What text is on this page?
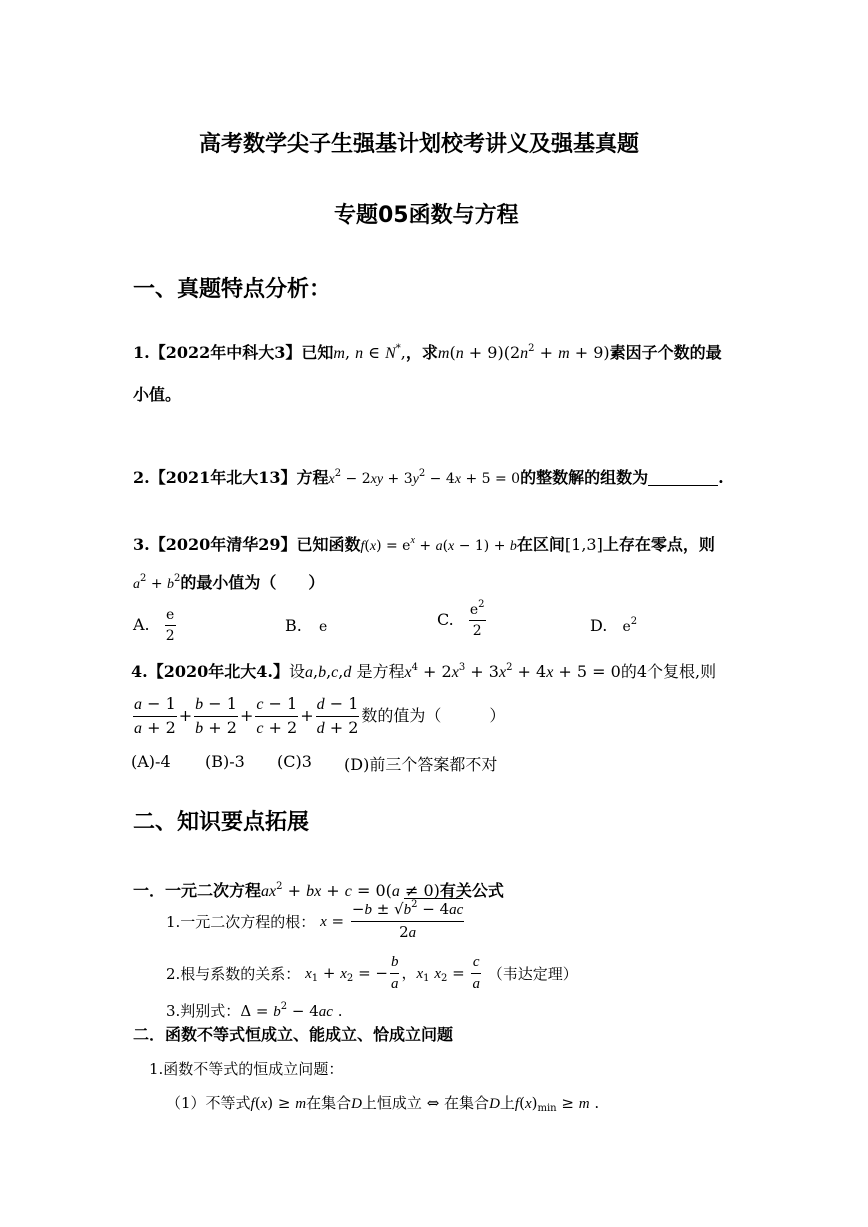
高考数学尖子生强基计划校考讲义及强基真题
专题05函数与方程
一、真题特点分析：
1.【2022年中科大3】已知m, n ∈ N*,，求$m(n + 9)(2n^2 + m + 9)$素因子个数的最
小值。
2.【2021年北大13】方程$x^2 - 2xy + 3y^2 - 4x + 5 = 0$的整数解的组数为	.
3.【2020年清华29】已知函数$f(x) = e^x + a(x - 1) + b$在区间[1,3]上存在零点，则
$a^2 + b^2$的最小值为（　　）
A. $\frac{e}{2}$	B. e	C. $\frac{e^2}{2}$	D. $e^2$
4.【2020年北大4.】设a,b,c,d 是方程$x^4 + 2x^3 + 3x^2 + 4x + 5 = 0$的4个复根,则
$\frac{a - 1}{a + 2} + \frac{b - 1}{b + 2} + \frac{c - 1}{c + 2} + \frac{d - 1}{d + 2}$ 数的值为（　　　）
(A)-4 (B)-3 (C)3 (D)前三个答案都不对
二、知识要点拓展
一．一元二次方程$ax^2$ + bx + c = 0(a ≠ 0)有关公式
1.一元二次方程的根： $x = \frac{-b \pm √b^2 - 4ac}{2a}$
2.根与系数的关系： $x_1 + x_2$ = − $\frac{b}{a}$ ，$x_1$ $x_2 = \frac{c}{a}$ （韦达定理）
3.判别式：$\Delta = b^2 - 4ac$ .
二．函数不等式恒成立、能成立、恰成立问题
1.函数不等式的恒成立问题：
（1）不等式f(x) ≥ m在集合D上恒成立 ⇔ 在集合D上$f(x)_{min} \ge m$ .
